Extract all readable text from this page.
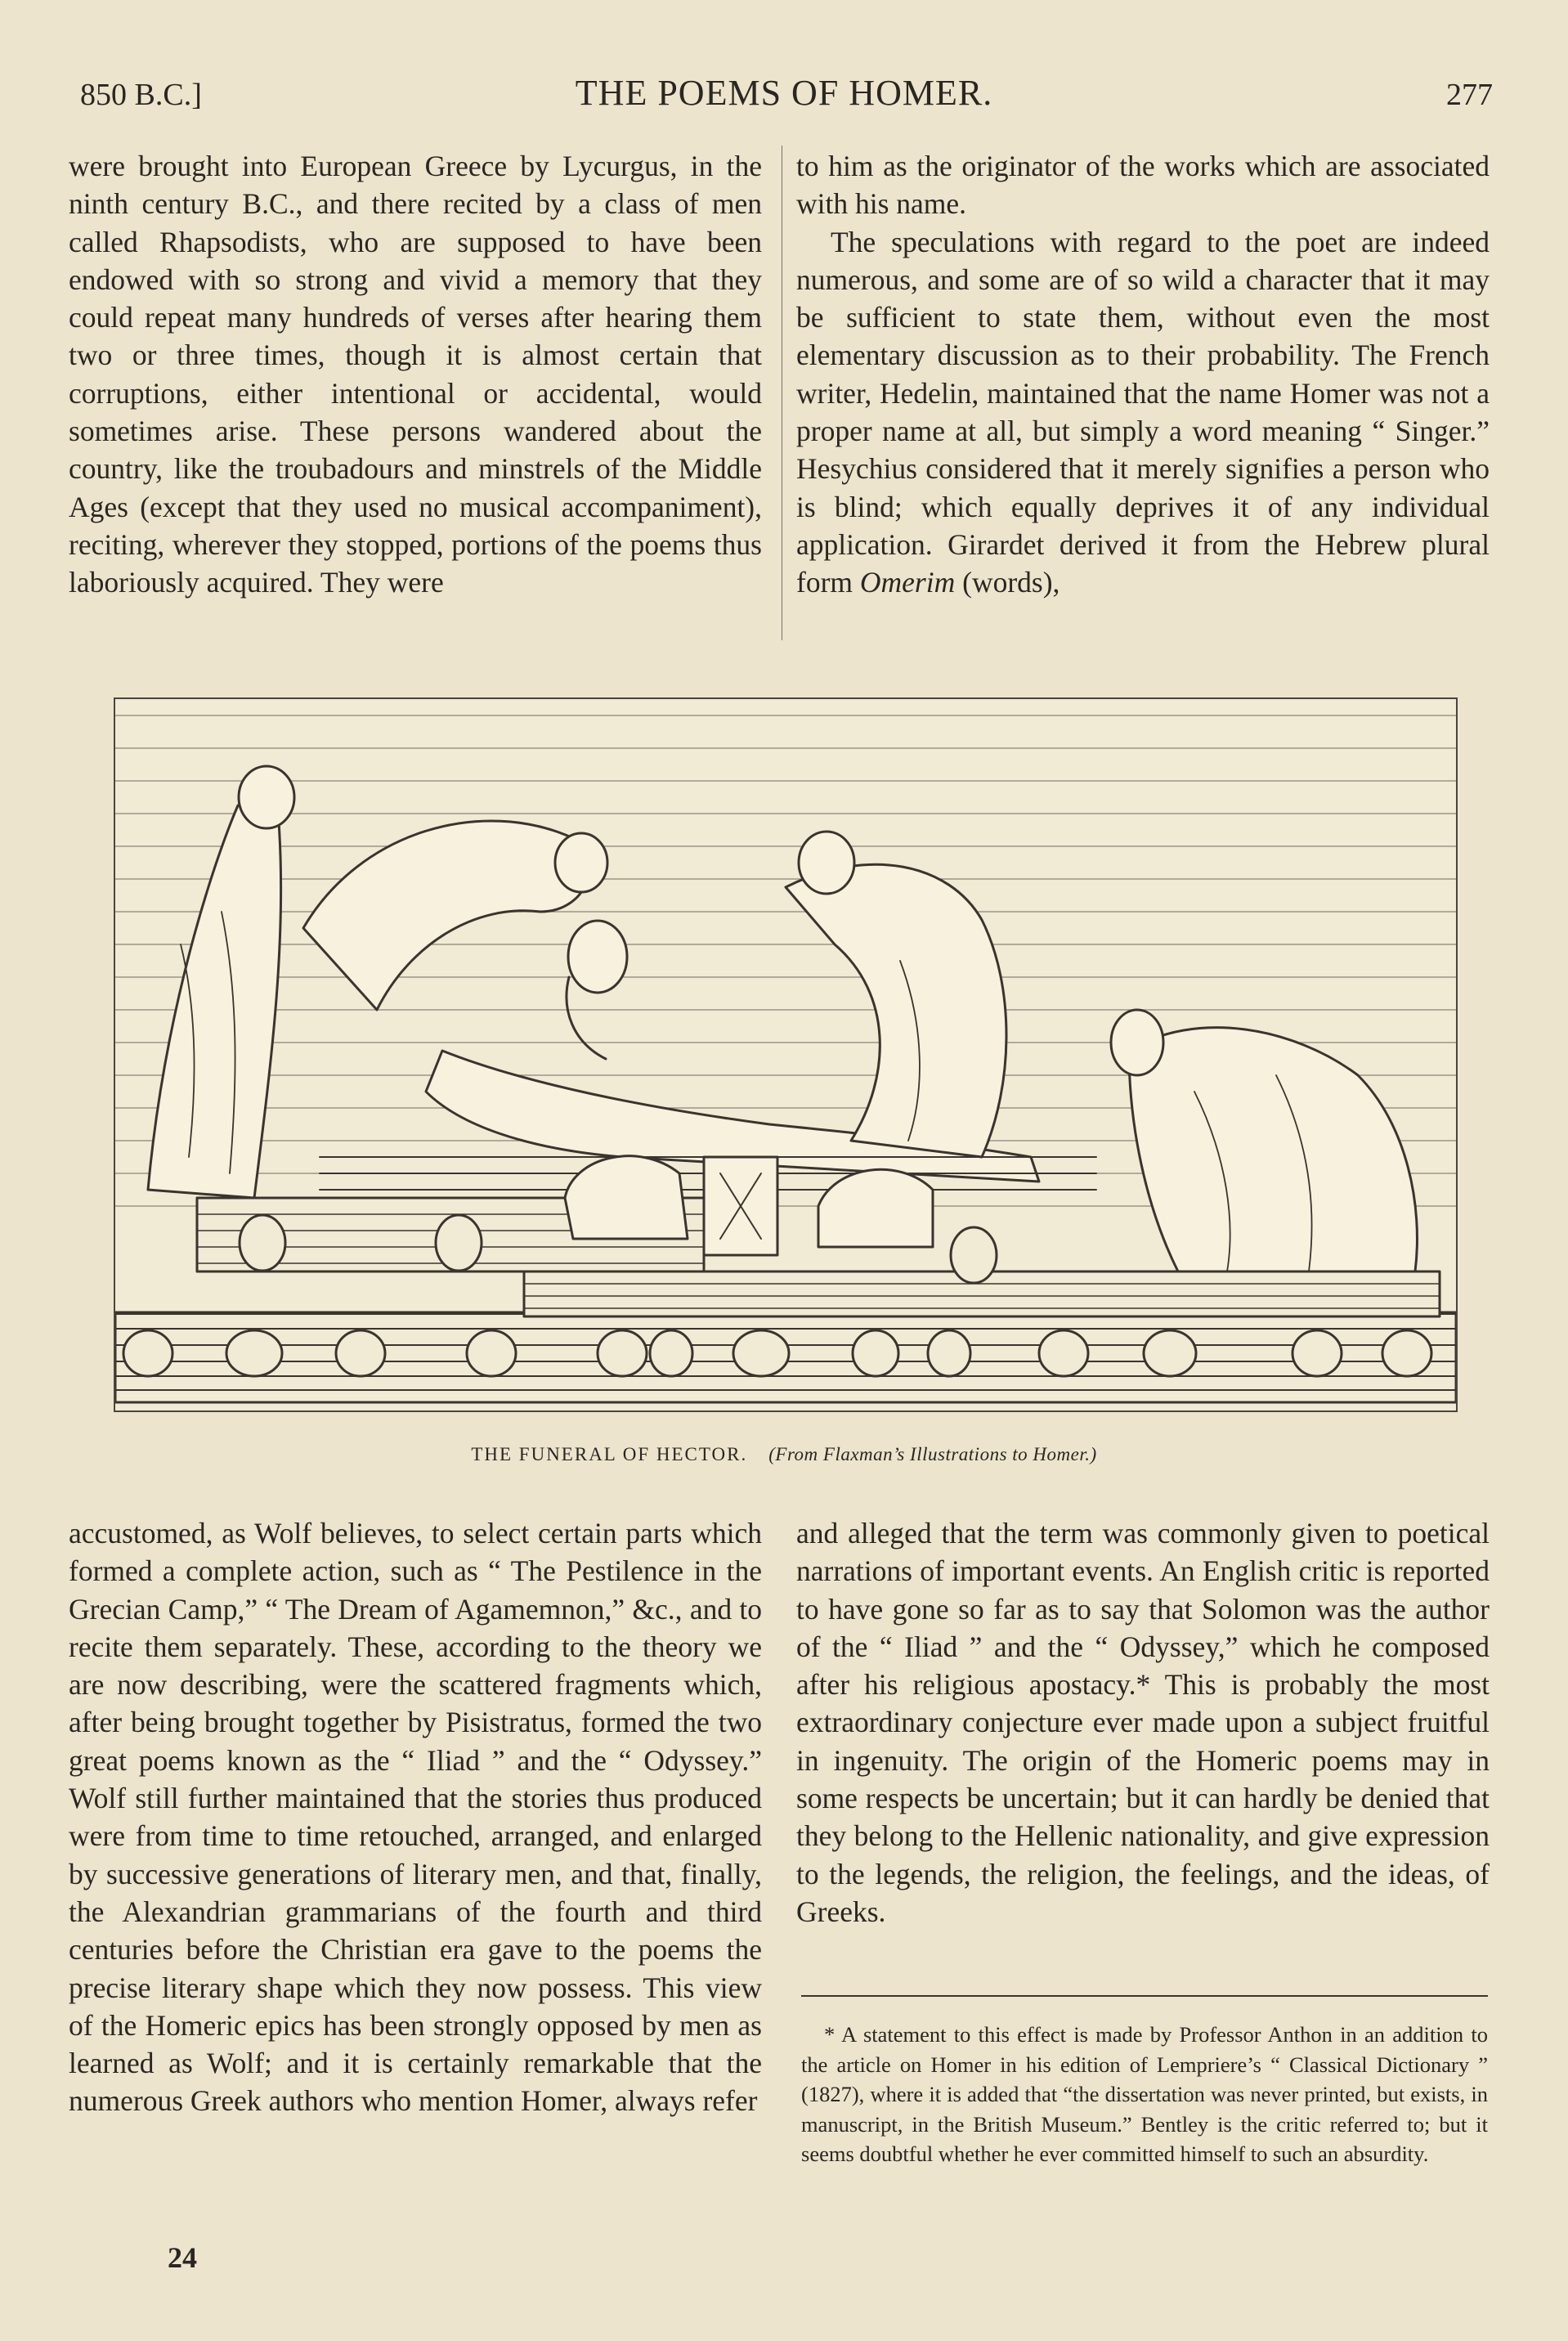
850 B.C.]	THE POEMS OF HOMER.	277

were brought into European Greece by Lycurgus, in the ninth century B.C., and there recited by a class of men called Rhapsodists, who are supposed to have been endowed with so strong and vivid a memory that they could repeat many hundreds of verses after hearing them two or three times, though it is almost certain that corruptions, either intentional or accidental, would sometimes arise. These persons wandered about the country, like the troubadours and minstrels of the Middle Ages (except that they used no musical accompaniment), reciting, wherever they stopped, portions of the poems thus laboriously acquired. They were

to him as the originator of the works which are associated with his name.

The speculations with regard to the poet are indeed numerous, and some are of so wild a character that it may be sufficient to state them, without even the most elementary discussion as to their probability. The French writer, Hedelin, maintained that the name Homer was not a proper name at all, but simply a word meaning “ Singer.” Hesychius considered that it merely signifies a person who is blind; which equally deprives it of any individual application. Girardet derived it from the Hebrew plural form Omerim (words),

THE FUNERAL OF HECTOR. (From Flaxman’s Illustrations to Homer.)

accustomed, as Wolf believes, to select certain parts which formed a complete action, such as “ The Pestilence in the Grecian Camp,” “ The Dream of Agamemnon,” &c., and to recite them separately. These, according to the theory we are now describing, were the scattered fragments which, after being brought together by Pisistratus, formed the two great poems known as the “ Iliad ” and the “ Odyssey.” Wolf still further maintained that the stories thus produced were from time to time retouched, arranged, and enlarged by successive generations of literary men, and that, finally, the Alexandrian grammarians of the fourth and third centuries before the Christian era gave to the poems the precise literary shape which they now possess. This view of the Homeric epics has been strongly opposed by men as learned as Wolf; and it is certainly remarkable that the numerous Greek authors who mention Homer, always refer

and alleged that the term was commonly given to poetical narrations of important events. An English critic is reported to have gone so far as to say that Solomon was the author of the “ Iliad ” and the “ Odyssey,” which he composed after his religious apostacy.* This is probably the most extraordinary conjecture ever made upon a subject fruitful in ingenuity. The origin of the Homeric poems may in some respects be uncertain; but it can hardly be denied that they belong to the Hellenic nationality, and give expression to the legends, the religion, the feelings, and the ideas, of Greeks.

* A statement to this effect is made by Professor Anthon in an addition to the article on Homer in his edition of Lempriere’s “ Classical Dictionary ” (1827), where it is added that “the dissertation was never printed, but exists, in manuscript, in the British Museum.” Bentley is the critic referred to; but it seems doubtful whether he ever committed himself to such an absurdity.
24
